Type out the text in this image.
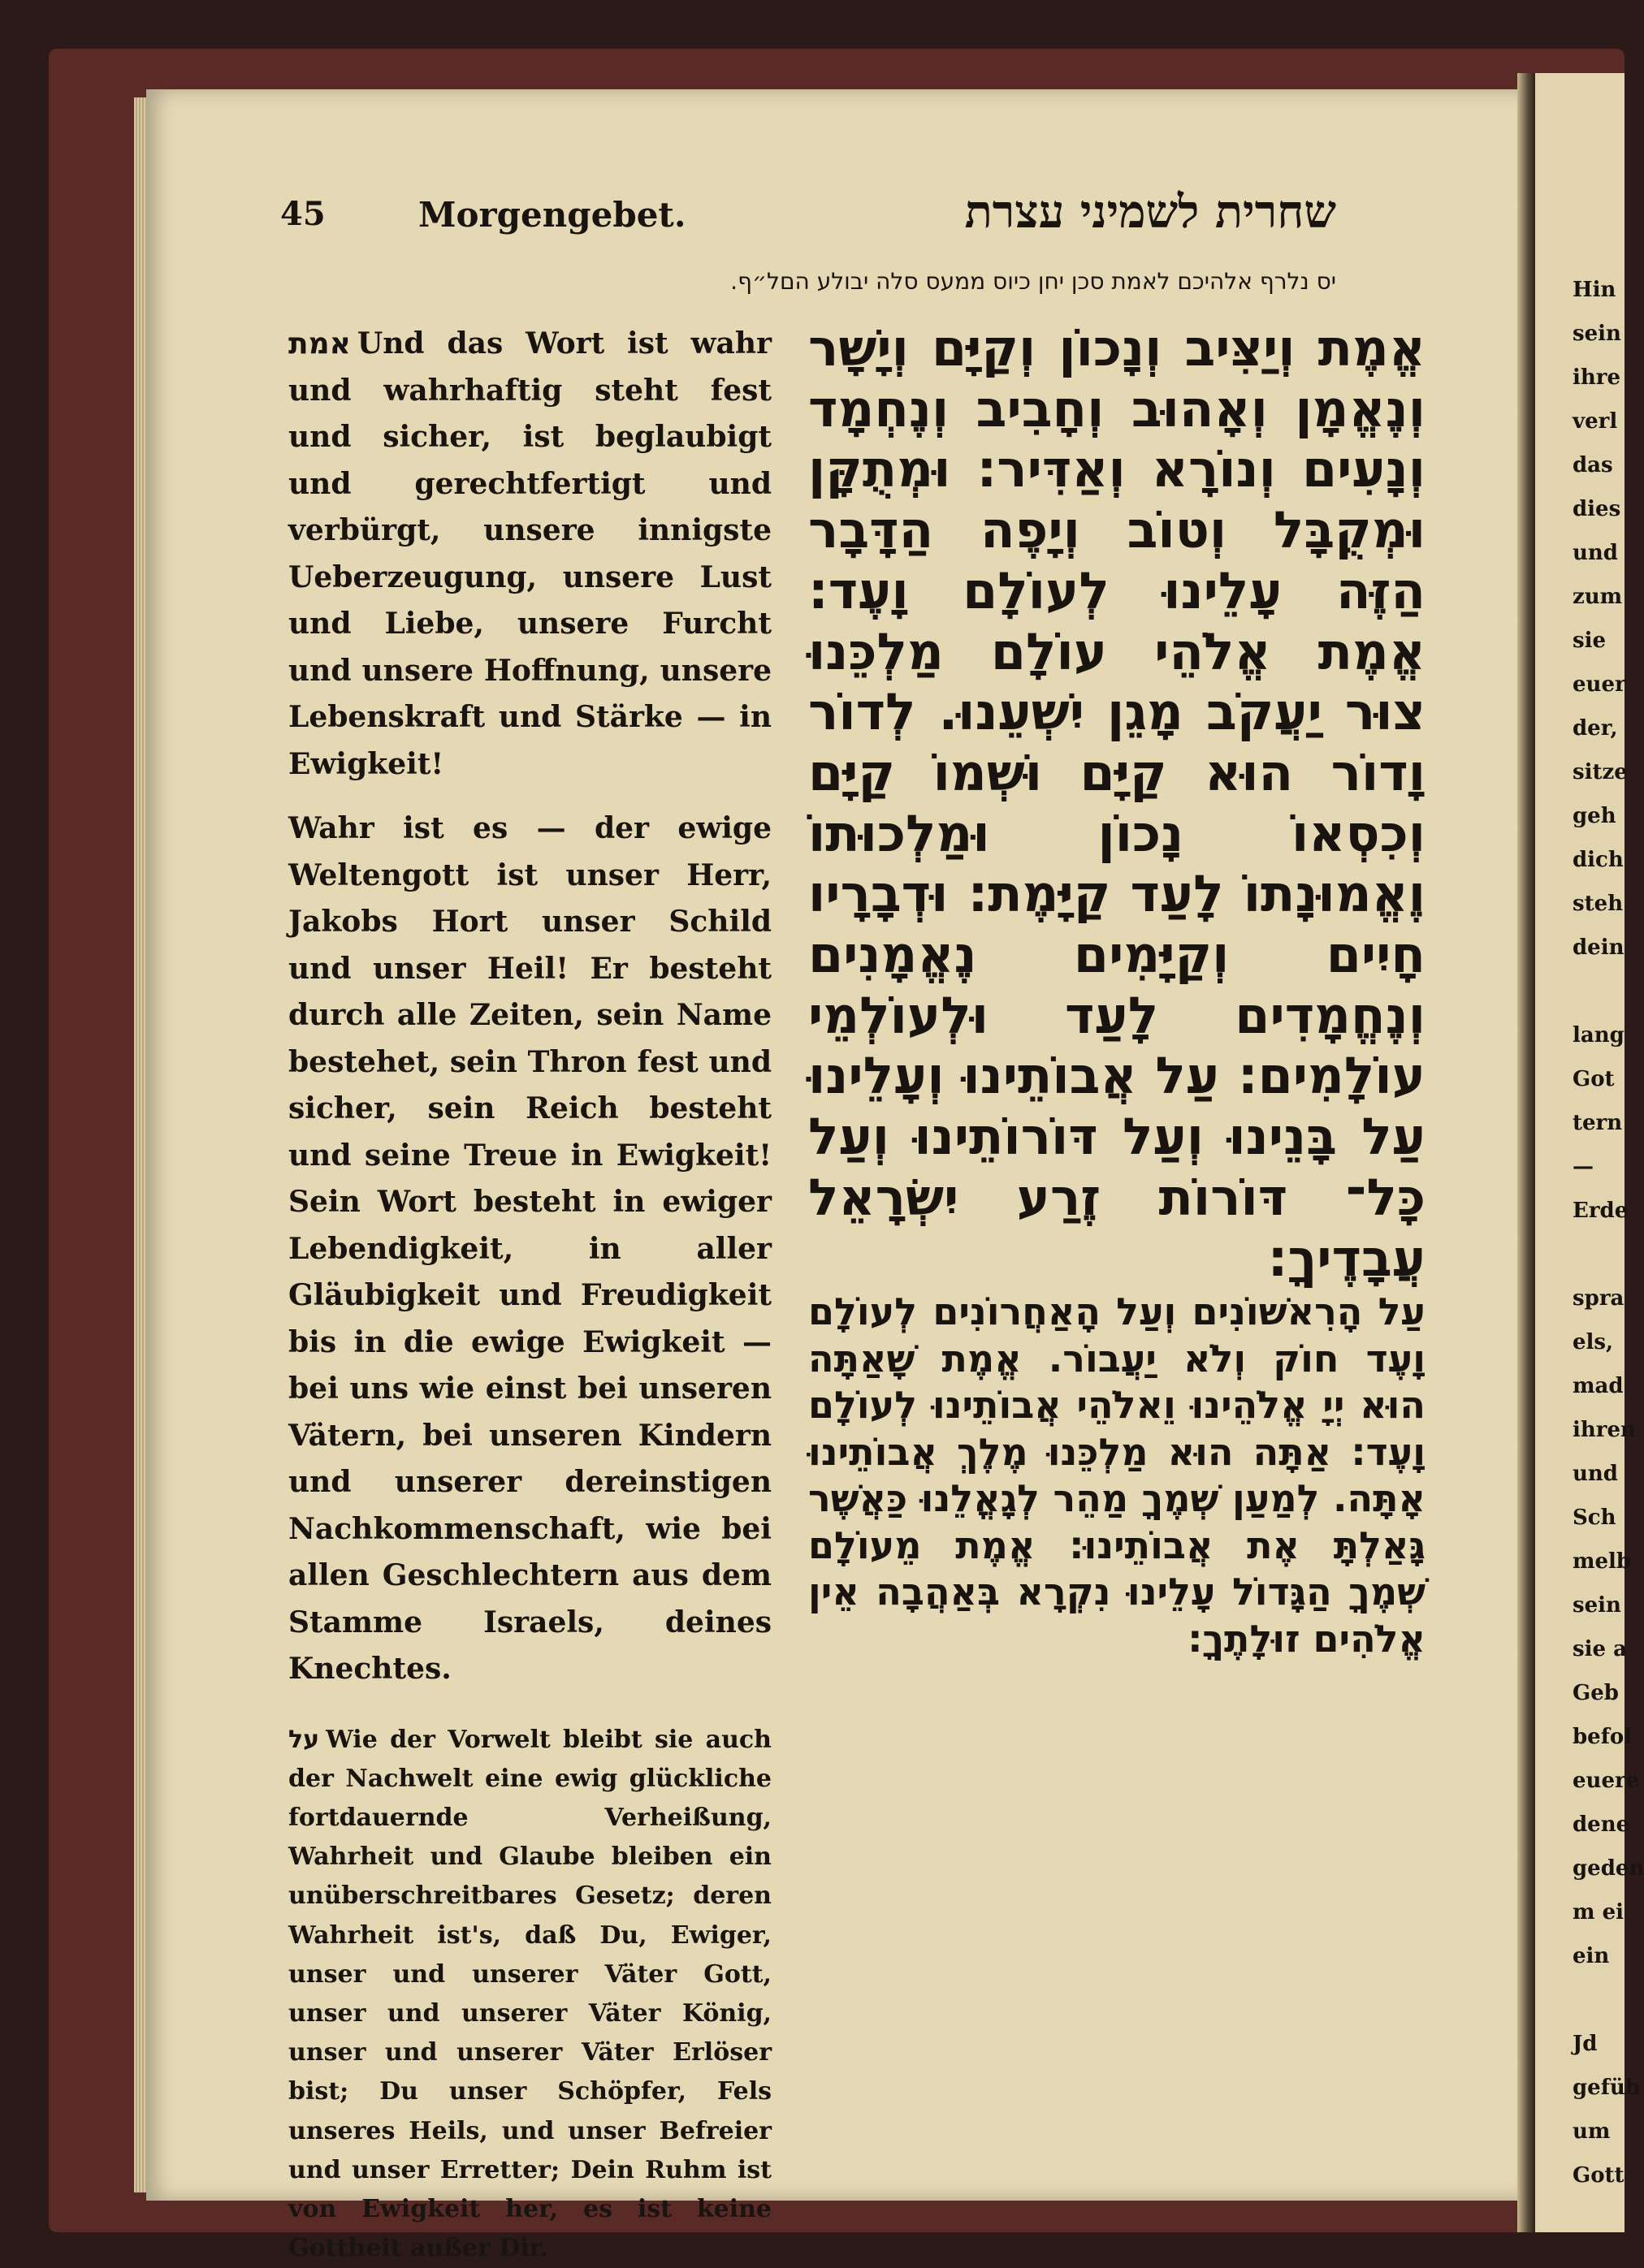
45	Morgengebet.	שחרית לשמיני עצרת
יס נלרף אלהיכם לאמת סכן יחן כיוס ממעס סלה יבולע הםל״ף.

אמת Und das Wort ist wahr und wahrhaftig steht fest und sicher, ist beglaubigt und gerechtfertigt und verbürgt, unsere innigste Ueberzeugung, unsere Lust und Liebe, unsere Furcht und unsere Hoffnung, unsere Lebenskraft und Stärke — in Ewigkeit!

Wahr ist es — der ewige Weltengott ist unser Herr, Jakobs Hort unser Schild und unser Heil! Er besteht durch alle Zeiten, sein Name bestehet, sein Thron fest und sicher, sein Reich besteht und seine Treue in Ewigkeit! Sein Wort besteht in ewiger Lebendigkeit, in aller Gläubigkeit und Freudigkeit bis in die ewige Ewigkeit — bei uns wie einst bei unseren Vätern, bei unseren Kindern und unserer dereinstigen Nachkommenschaft, wie bei allen Geschlechtern aus dem Stamme Israels, deines Knechtes.

על Wie der Vorwelt bleibt sie auch der Nachwelt eine ewig glückliche fortdauernde Verheißung, Wahrheit und Glaube bleiben ein unüberschreitbares Gesetz; deren Wahrheit ist's, daß Du, Ewiger, unser und unserer Väter Gott, unser und unserer Väter König, unser und unserer Väter Erlöser bist; Du unser Schöpfer, Fels unseres Heils, und unser Befreier und unser Erretter; Dein Ruhm ist von Ewigkeit her, es ist keine Gottheit außer Dir.

אֱמֶת וְיַצִּיב וְנָכוֹן וְקַיָּם וְיָשָׁר וְנֶאֱמָן וְאָהוּב וְחָבִיב וְנֶחְמָד וְנָעִים וְנוֹרָא וְאַדִּיר: וּמְתֻקָּן וּמְקֻבָּל וְטוֹב וְיָפֶה הַדָּבָר הַזֶּה עָלֵינוּ לְעוֹלָם וָעֶד: אֱמֶת אֱלֹהֵי עוֹלָם מַלְכֵּנוּ צוּר יַעֲקֹב מָגֵן יִשְׁעֵנוּ. לְדוֹר וָדוֹר הוּא קַיָּם וּשְׁמוֹ קַיָּם וְכִסְאוֹ נָכוֹן וּמַלְכוּתוֹ וֶאֱמוּנָתוֹ לָעַד קַיָּמֶת: וּדְבָרָיו חָיִים וְקַיָּמִים נֶאֱמָנִים וְנֶחֱמָדִים לָעַד וּלְעוֹלְמֵי עוֹלָמִים: עַל אֲבוֹתֵינוּ וְעָלֵינוּ עַל בָּנֵינוּ וְעַל דּוֹרוֹתֵינוּ וְעַל כָּל־ דּוֹרוֹת זֶרַע יִשְׂרָאֵל עֲבָדֶיךָ:

עַל הָרִאשׁוֹנִים וְעַל הָאַחֲרוֹנִים לְעוֹלָם וָעֶד חוֹק וְלֹא יַעֲבוֹר. אֱמֶת שָׁאַתָּה הוּא יְיָ אֱלֹהֵינוּ וֵאלֹהֵי אֲבוֹתֵינוּ לְעוֹלָם וָעֶד: אַתָּה הוּא מַלְכֵּנוּ מֶלֶךְ אֲבוֹתֵינוּ אָתָּה. לְמַעַן שְׁמֶךָ מַהֵר לְגָאֳלֵנוּ כַּאֲשֶׁר גָּאַלְתָּ אֶת אֲבוֹתֵינוּ: אֱמֶת מֵעוֹלָם שְׁמֶךָ הַגָּדוֹל עָלֵינוּ נִקְרָא בְּאַהֲבָה אֵין אֱלֹהִים זוּלָתֶךָ:

Hin
sein
ihre
verl
das
dies
und
zum
sie
euer
der,
sitze
geh
dich
steh
dein
lang
Got
tern
—
Erde
spra
els,
mad
ihren
und
Sch
melb
sein
sie a
Geb
befol
euere
dene
geden
m ei
ein
Jd
gefüh
um
Gott
